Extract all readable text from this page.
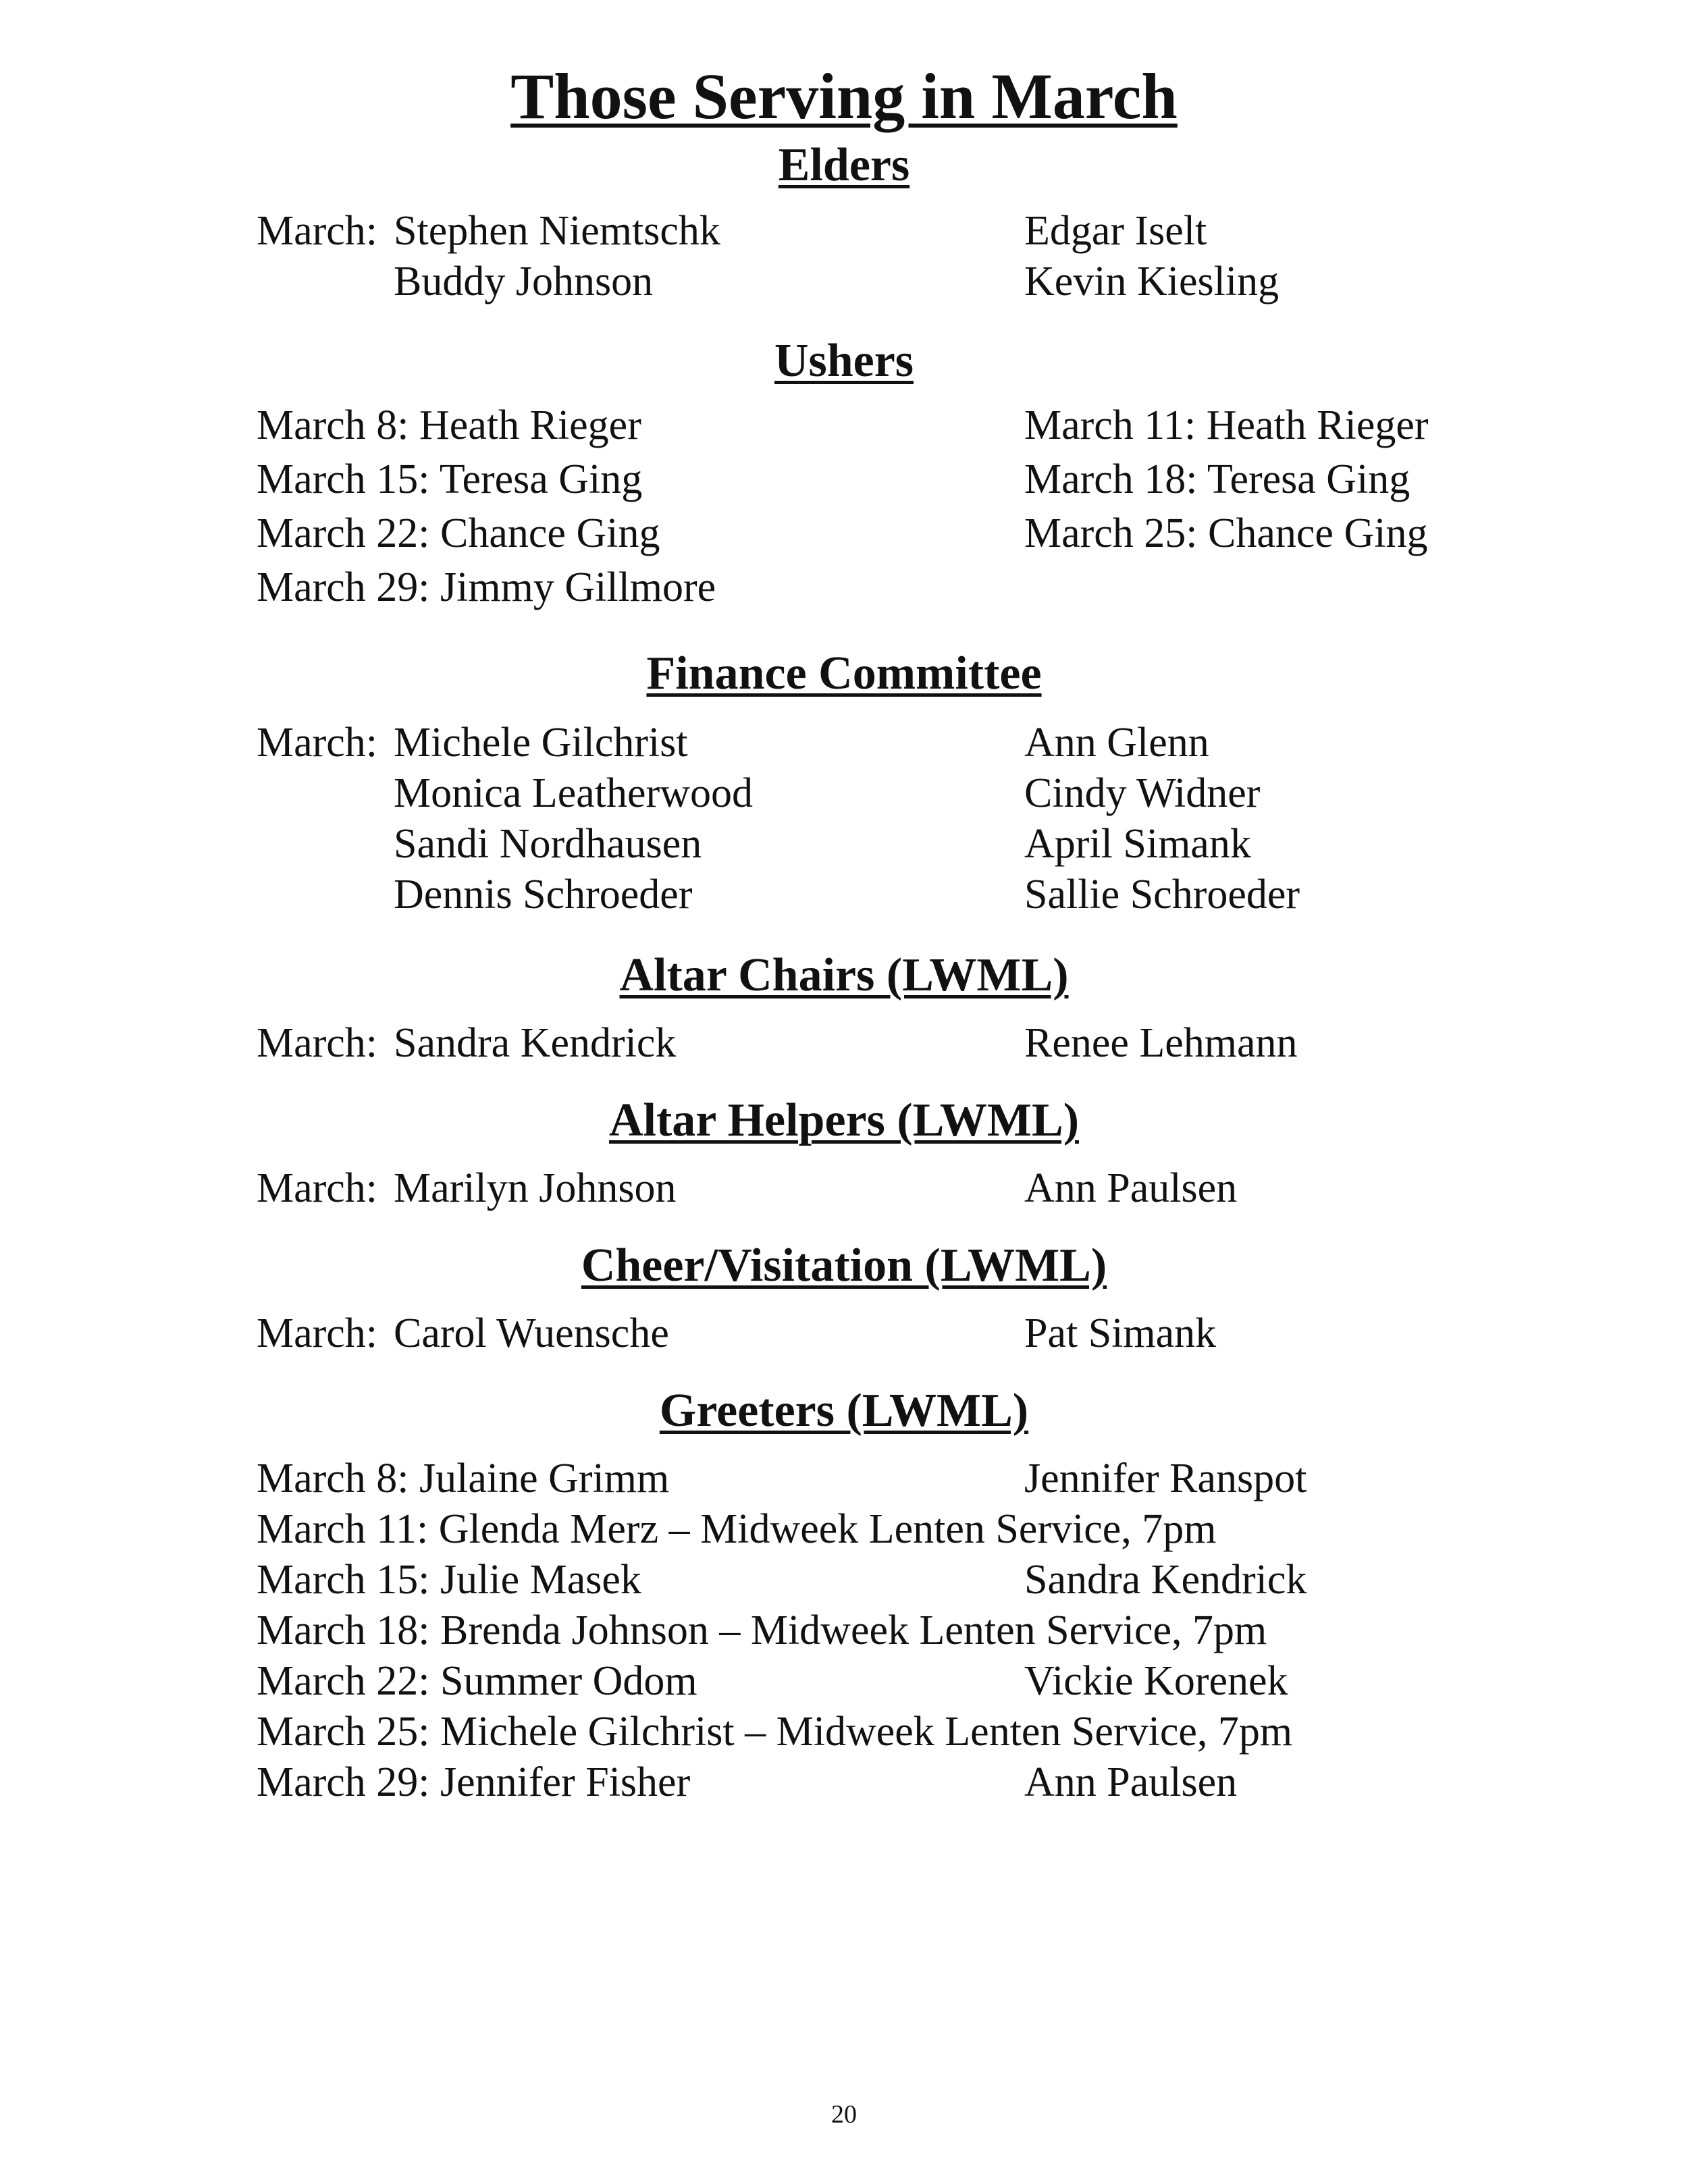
Those Serving in March
Elders
March: Stephen Niemtschk	Edgar Iselt
Buddy Johnson	Kevin Kiesling
Ushers
March 8: Heath Rieger	March 11: Heath Rieger
March 15: Teresa Ging	March 18: Teresa Ging
March 22: Chance Ging	March 25: Chance Ging
March 29: Jimmy Gillmore
Finance Committee
March: Michele Gilchrist	Ann Glenn
Monica Leatherwood	Cindy Widner
Sandi Nordhausen	April Simank
Dennis Schroeder	Sallie Schroeder
Altar Chairs (LWML)
March: Sandra Kendrick	Renee Lehmann
Altar Helpers (LWML)
March: Marilyn Johnson	Ann Paulsen
Cheer/Visitation (LWML)
March: Carol Wuensche	Pat Simank
Greeters (LWML)
March 8: Julaine Grimm	Jennifer Ranspot
March 11: Glenda Merz – Midweek Lenten Service, 7pm
March 15: Julie Masek	Sandra Kendrick
March 18: Brenda Johnson – Midweek Lenten Service, 7pm
March 22: Summer Odom	Vickie Korenek
March 25: Michele Gilchrist – Midweek Lenten Service, 7pm
March 29: Jennifer Fisher	Ann Paulsen
20
